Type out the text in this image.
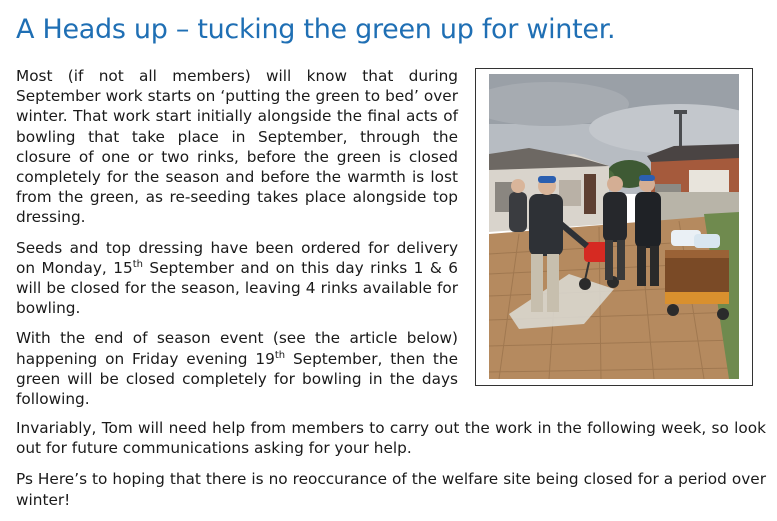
A Heads up – tucking the green up for winter.

Most (if not all members) will know that during September work starts on ‘putting the green to bed’ over winter. That work start initially alongside the final acts of bowling that take place in September, through the closure of one or two rinks, before the green is closed completely for the season and before the warmth is lost from the green, as re-seeding takes place alongside top dressing.

Seeds and top dressing have been ordered for delivery on Monday, 15th September and on this day rinks 1 & 6 will be closed for the season, leaving 4 rinks available for bowling.

With the end of season event (see the article below) happening on Friday evening 19th September, then the green will be closed completely for bowling in the days following.

Invariably, Tom will need help from members to carry out the work in the following week, so look out for future communications asking for your help.

Ps Here’s to hoping that there is no reoccurance of the welfare site being closed for a period over winter!
